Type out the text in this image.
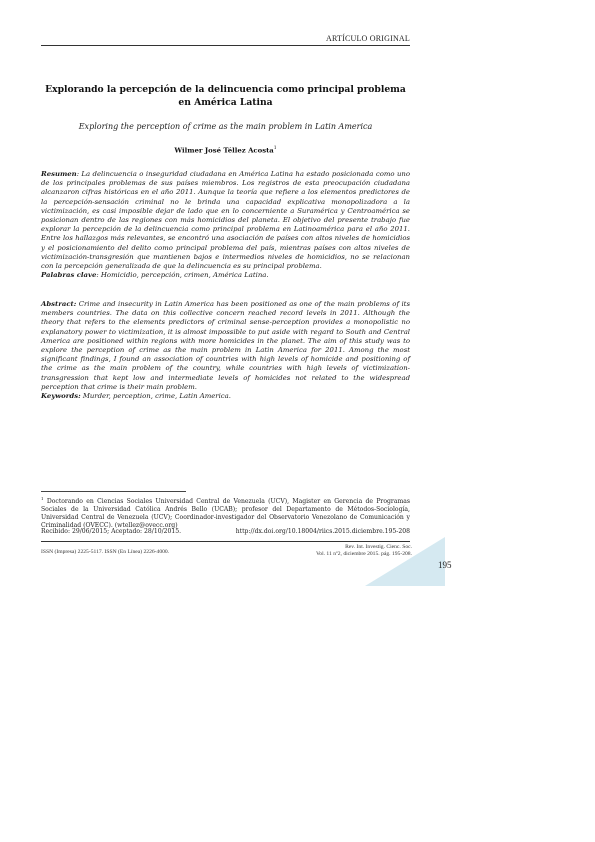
ARTÍCULO ORIGINAL
Explorando la percepción de la delincuencia como principal problema
en América Latina
Exploring the perception of crime as the main problem in Latin America
Wilmer José Téllez Acosta$^1$
Resumen: La delincuencia o inseguridad ciudadana en América Latina ha estado posicionada como uno de los principales problemas de sus países miembros. Los registros de esta preocupación ciudadana alcanzaron cifras históricas en el año 2011. Aunque la teoría que refiere a los elementos predictores de la percepción-sensación criminal no le brinda una capacidad explicativa monopolizadora a la victimización, es casi imposible dejar de lado que en lo concerniente a Suramérica y Centroamérica se posicionan dentro de las regiones con más homicidios del planeta. El objetivo del presente trabajo fue explorar la percepción de la delincuencia como principal problema en Latinoamérica para el año 2011. Entre los hallazgos más relevantes, se encontró una asociación de países con altos niveles de homicidios y el posicionamiento del delito como principal problema del país, mientras países con altos niveles de victimización-transgresión que mantienen bajos e intermedios niveles de homicidios, no se relacionan con la percepción generalizada de que la delincuencia es su principal problema.
Palabras clave: Homicidio, percepción, crimen, América Latina.
Abstract: Crime and insecurity in Latin America has been positioned as one of the main problems of its members countries. The data on this collective concern reached record levels in 2011. Although the theory that refers to the elements predictors of criminal sense-perception provides a monopolistic no explanatory power to victimization, it is almost impossible to put aside with regard to South and Central America are positioned within regions with more homicides in the planet. The aim of this study was to explore the perception of crime as the main problem in Latin America for 2011. Among the most significant findings, I found an association of countries with high levels of homicide and positioning of the crime as the main problem of the country, while countries with high levels of victimization-transgression that kept low and intermediate levels of homicides not related to the widespread perception that crime is their main problem.
Keywords: Murder, perception, crime, Latin America.
$^1$ Doctorando en Ciencias Sociales Universidad Central de Venezuela (UCV), Magister en Gerencia de Programas Sociales de la Universidad Católica Andrés Bello (UCAB); profesor del Departamento de Métodos-Sociología, Universidad Central de Venezuela (UCV); Coordinador-investigador del Observatorio Venezolano de Comunicación y Criminalidad (OVECC). (wtellez@ovecc.org)
Recibido: 29/06/2015; Aceptado: 28/10/2015.	http://dx.doi.org/10.18004/riics.2015.diciembre.195-208
ISSN (Impresa) 2225-5117. ISSN (En Línea) 2226-4000.
Rev. Int. Investig. Cienc. Soc.
Vol. 11 nº2, diciembre 2015. pág. 195-208.
195
